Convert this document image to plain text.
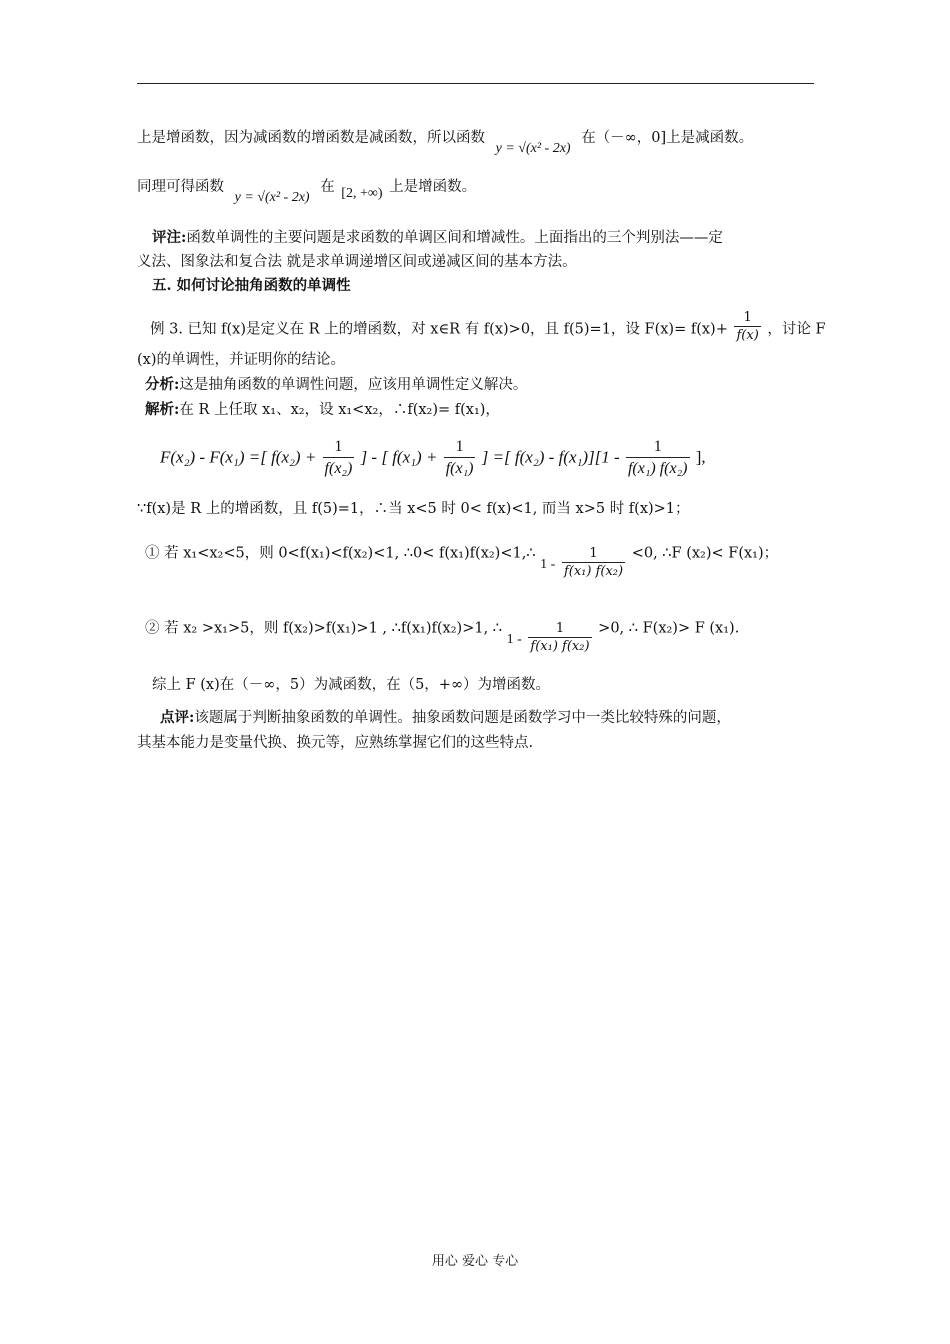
上是增函数，因为减函数的增函数是减函数，所以函数 y = √(x² - 2x) 在（－∞，0]上是减函数。
同理可得函数 y = √(x² - 2x) 在 [2, +∞) 上是增函数。
评注:函数单调性的主要问题是求函数的单调区间和增减性。上面指出的三个判别法——定
义法、图象法和复合法 就是求单调递增区间或递减区间的基本方法。
五. 如何讨论抽角函数的单调性
例 3. 已知 f(x)是定义在 R 上的增函数，对 x∈R 有 f(x)>0，且 f(5)=1，设 $F(x)= f(x)+ \frac{1}{f(x)}$ ，讨论 F
(x)的单调性，并证明你的结论。
分析:这是抽角函数的单调性问题，应该用单调性定义解决。
解析:在 R 上任取 x₁、x₂，设 x₁<x₂，∴f(x₂)= f(x₁)，
F(x₂) - F(x₁) =[ $f(x_2) + \frac{1}{\text{f(x₂)}}$ ] - [ $f(x_1) + \frac{1}{\text{f(x₁)}}$ ] =[ $f(x_2) - f(x_1)][1 - \frac{1}{\text{f(x₁) f(x₂)}}$ ],
∵f(x)是 R 上的增函数，且 f(5)=1，∴当 x<5 时 0< f(x)<1, 而当 x>5 时 f(x)>1；
① 若 x₁<x₂<5，则 0<f(x₁)<f(x₂)<1, ∴0< f(x₁)f(x₂)<1,∴ $1 - \frac{1}{\text{f(x₁) f(x₂)}} <0$, ∴F (x₂)< F(x₁)；
② 若 x₂ >x₁>5，则 f(x₂)>f(x₁)>1 , ∴f(x₁)f(x₂)>1, ∴ $1 - \frac{1}{\text{f(x₁) f(x₂)}} >0$, ∴ F(x₂)> F (x₁).
综上 F (x)在（－∞，5）为减函数，在（5，+∞）为增函数。
点评:该题属于判断抽象函数的单调性。抽象函数问题是函数学习中一类比较特殊的问题，
其基本能力是变量代换、换元等，应熟练掌握它们的这些特点.
用心 爱心 专心
